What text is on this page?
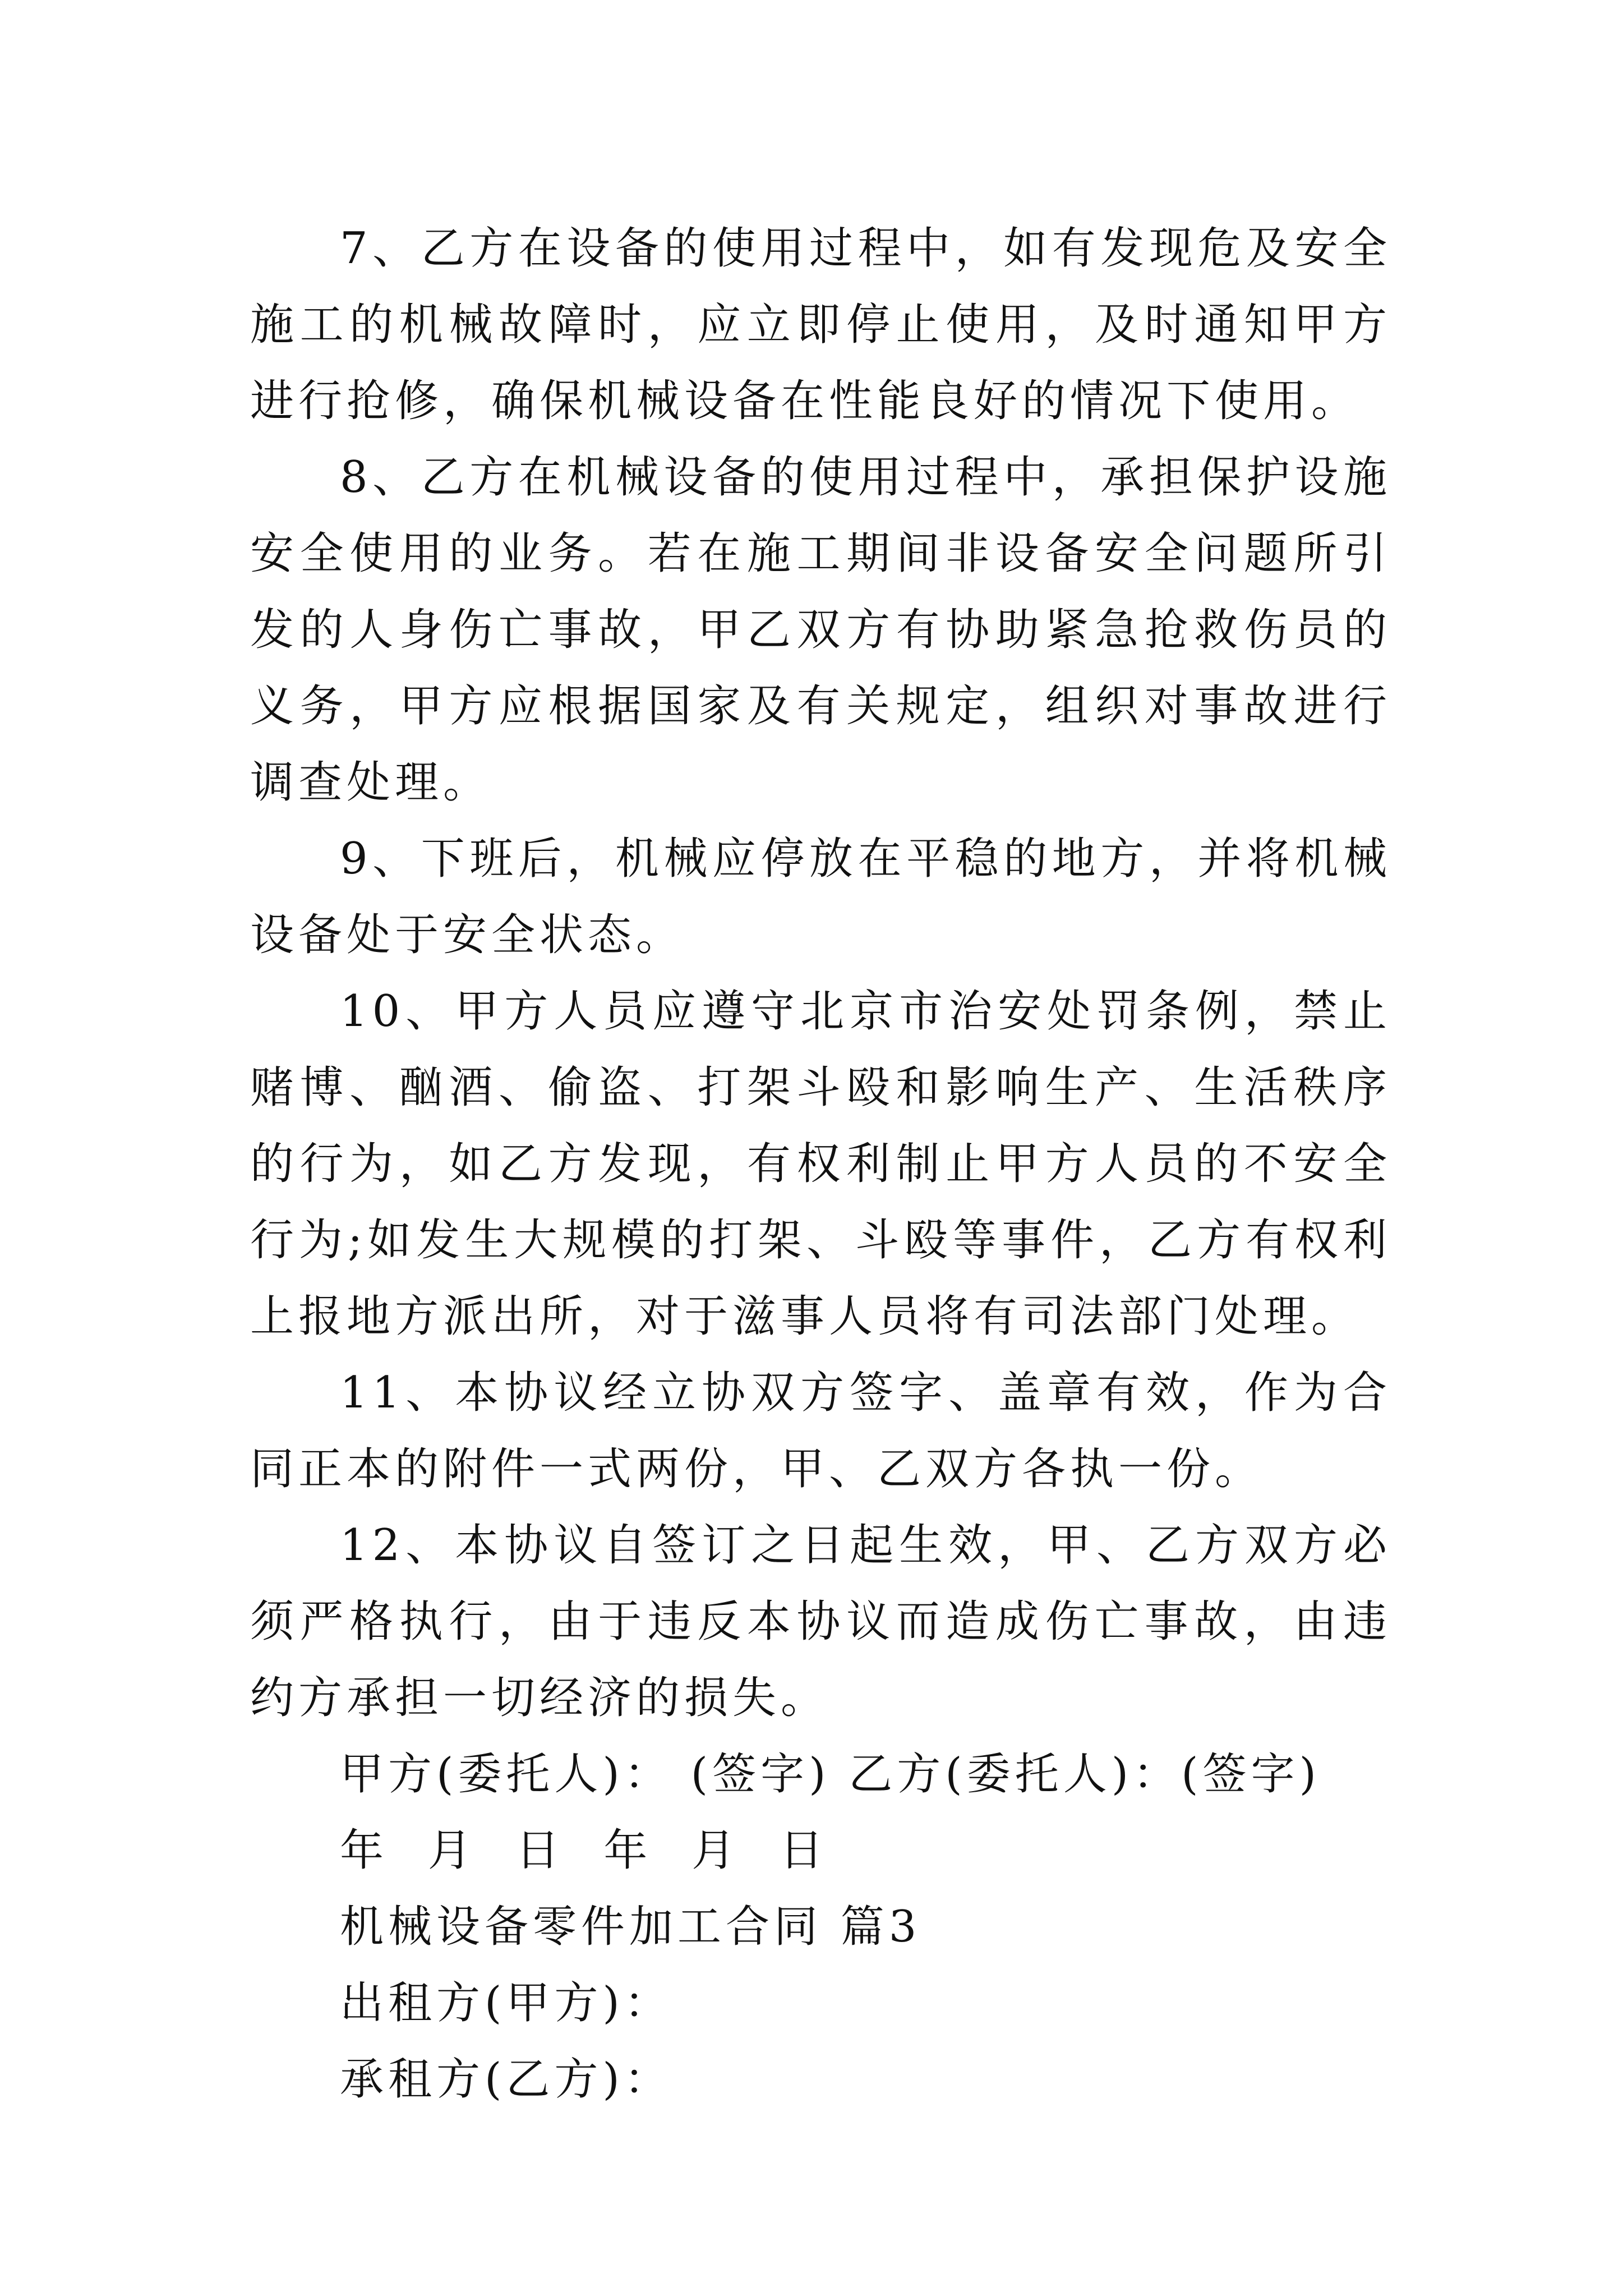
7、乙方在设备的使用过程中，如有发现危及安全施工的机械故障时，应立即停止使用，及时通知甲方进行抢修，确保机械设备在性能良好的情况下使用。

8、乙方在机械设备的使用过程中，承担保护设施安全使用的业务。若在施工期间非设备安全问题所引发的人身伤亡事故，甲乙双方有协助紧急抢救伤员的义务，甲方应根据国家及有关规定，组织对事故进行调查处理。

9、下班后，机械应停放在平稳的地方，并将机械设备处于安全状态。

10、甲方人员应遵守北京市治安处罚条例，禁止赌博、酗酒、偷盗、打架斗殴和影响生产、生活秩序的行为，如乙方发现，有权利制止甲方人员的不安全行为;如发生大规模的打架、斗殴等事件，乙方有权利上报地方派出所，对于滋事人员将有司法部门处理。

11、本协议经立协双方签字、盖章有效，作为合同正本的附件一式两份，甲、乙双方各执一份。

12、本协议自签订之日起生效，甲、乙方双方必须严格执行，由于违反本协议而造成伤亡事故，由违约方承担一切经济的损失。

甲方(委托人)： (签字) 乙方(委托人)：(签字)

年 月 日 年 月 日

机械设备零件加工合同 篇3

出租方(甲方)：

承租方(乙方)：
